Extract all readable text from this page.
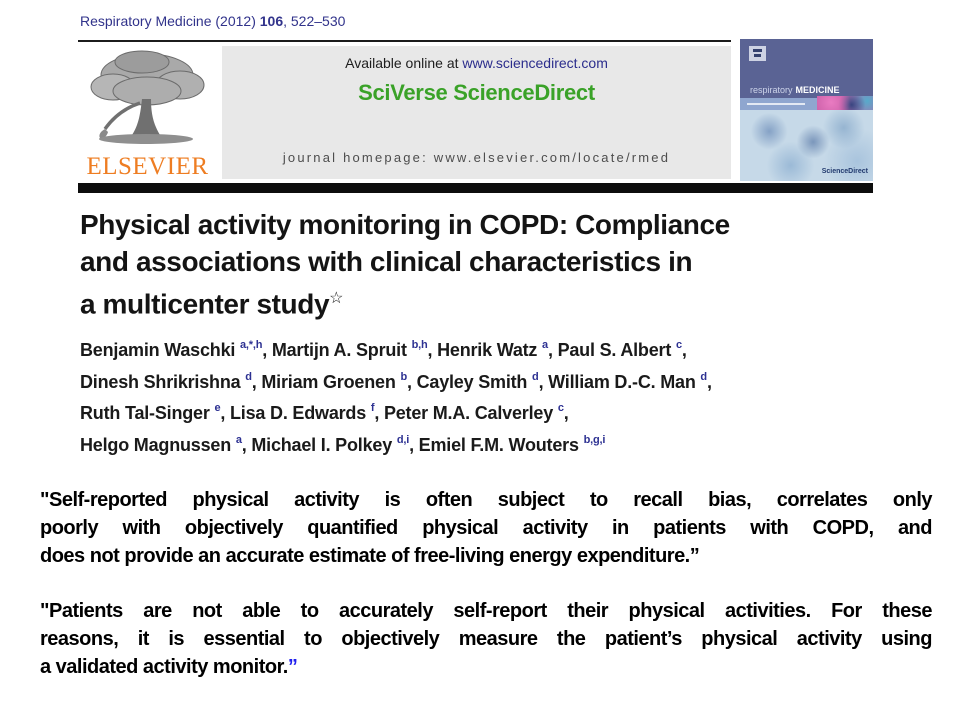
Respiratory Medicine (2012) 106, 522–530
ELSEVIER
Available online at www.sciencedirect.com
SciVerse ScienceDirect
journal homepage: www.elsevier.com/locate/rmed
respiratory MEDICINE
ScienceDirect
Physical activity monitoring in COPD: Compliance
and associations with clinical characteristics in
a multicenter study☆
Benjamin Waschki $^{a,*,h}$, Martijn A. Spruit $^{b,h}$, Henrik Watz $^a$, Paul S. Albert $^c$,
Dinesh Shrikrishna $^d$, Miriam Groenen $^b$, Cayley Smith $^d$, William D.-C. Man $^d$,
Ruth Tal-Singer $^e$, Lisa D. Edwards $^f$, Peter M.A. Calverley $^c$,
Helgo Magnussen $^a$, Michael I. Polkey $^{d,i}$, Emiel F.M. Wouters $^{b,g,i}$

"Self-reported physical activity is often subject to recall bias, correlates only
poorly with objectively quantified physical activity in patients with COPD, and
does not provide an accurate estimate of free-living energy expenditure.”

"Patients are not able to accurately self-report their physical activities. For these
reasons, it is essential to objectively measure the patient’s physical activity using
a validated activity monitor.”
